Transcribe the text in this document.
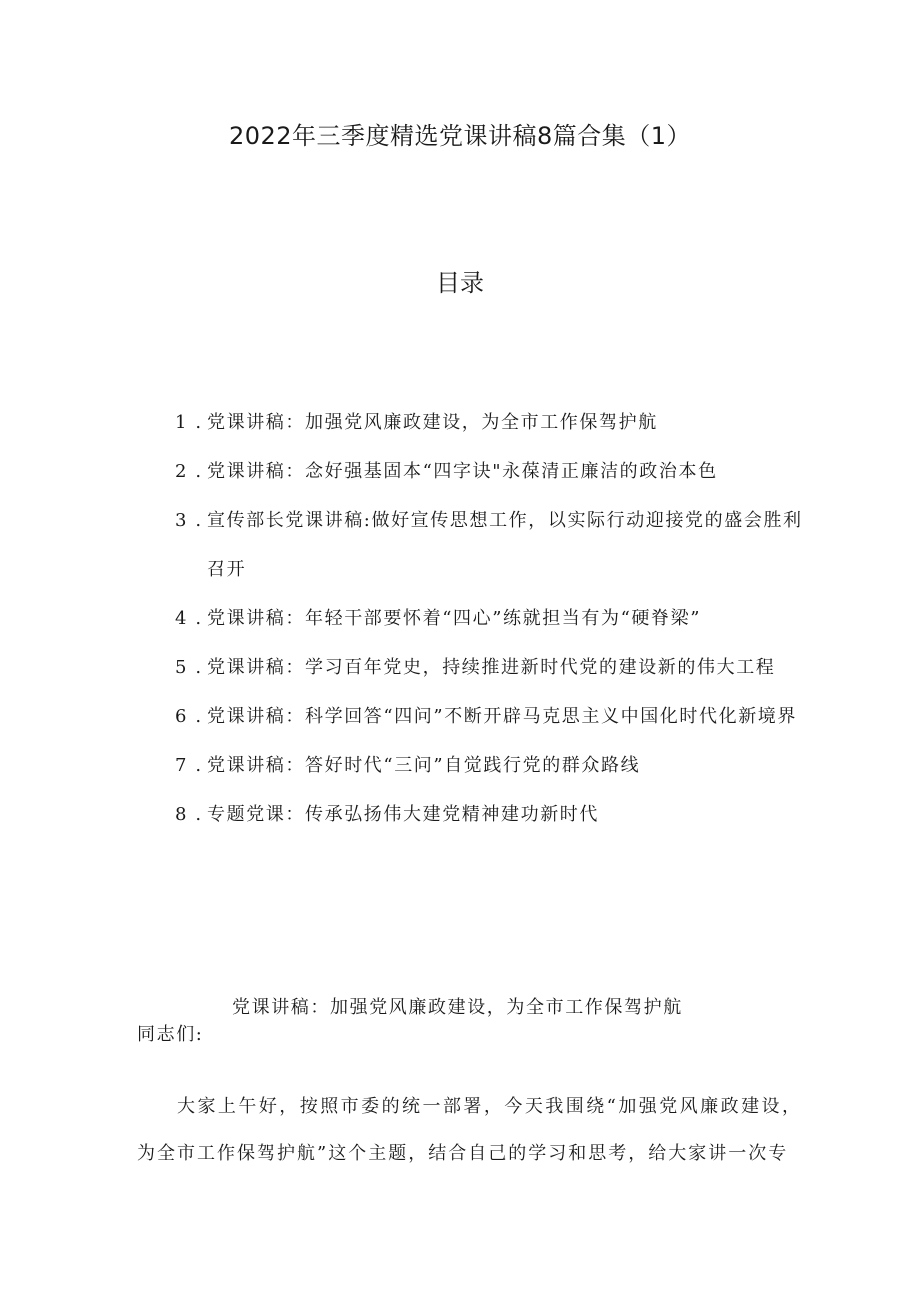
2022年三季度精选党课讲稿8篇合集（1）
目录
1 . 党课讲稿：加强党风廉政建设，为全市工作保驾护航
2 . 党课讲稿：念好强基固本“四字诀"永葆清正廉洁的政治本色
3 . 宣传部长党课讲稿:做好宣传思想工作，以实际行动迎接党的盛会胜利召开
4 . 党课讲稿：年轻干部要怀着“四心”练就担当有为“硬脊梁”
5 . 党课讲稿：学习百年党史，持续推进新时代党的建设新的伟大工程
6 . 党课讲稿：科学回答“四问”不断开辟马克思主义中国化时代化新境界
7 . 党课讲稿：答好时代“三问”自觉践行党的群众路线
8 . 专题党课：传承弘扬伟大建党精神建功新时代
党课讲稿：加强党风廉政建设，为全市工作保驾护航

同志们:

大家上午好，按照市委的统一部署，今天我围绕“加强党风廉政建设，为全市工作保驾护航”这个主题，结合自己的学习和思考，给大家讲一次专
